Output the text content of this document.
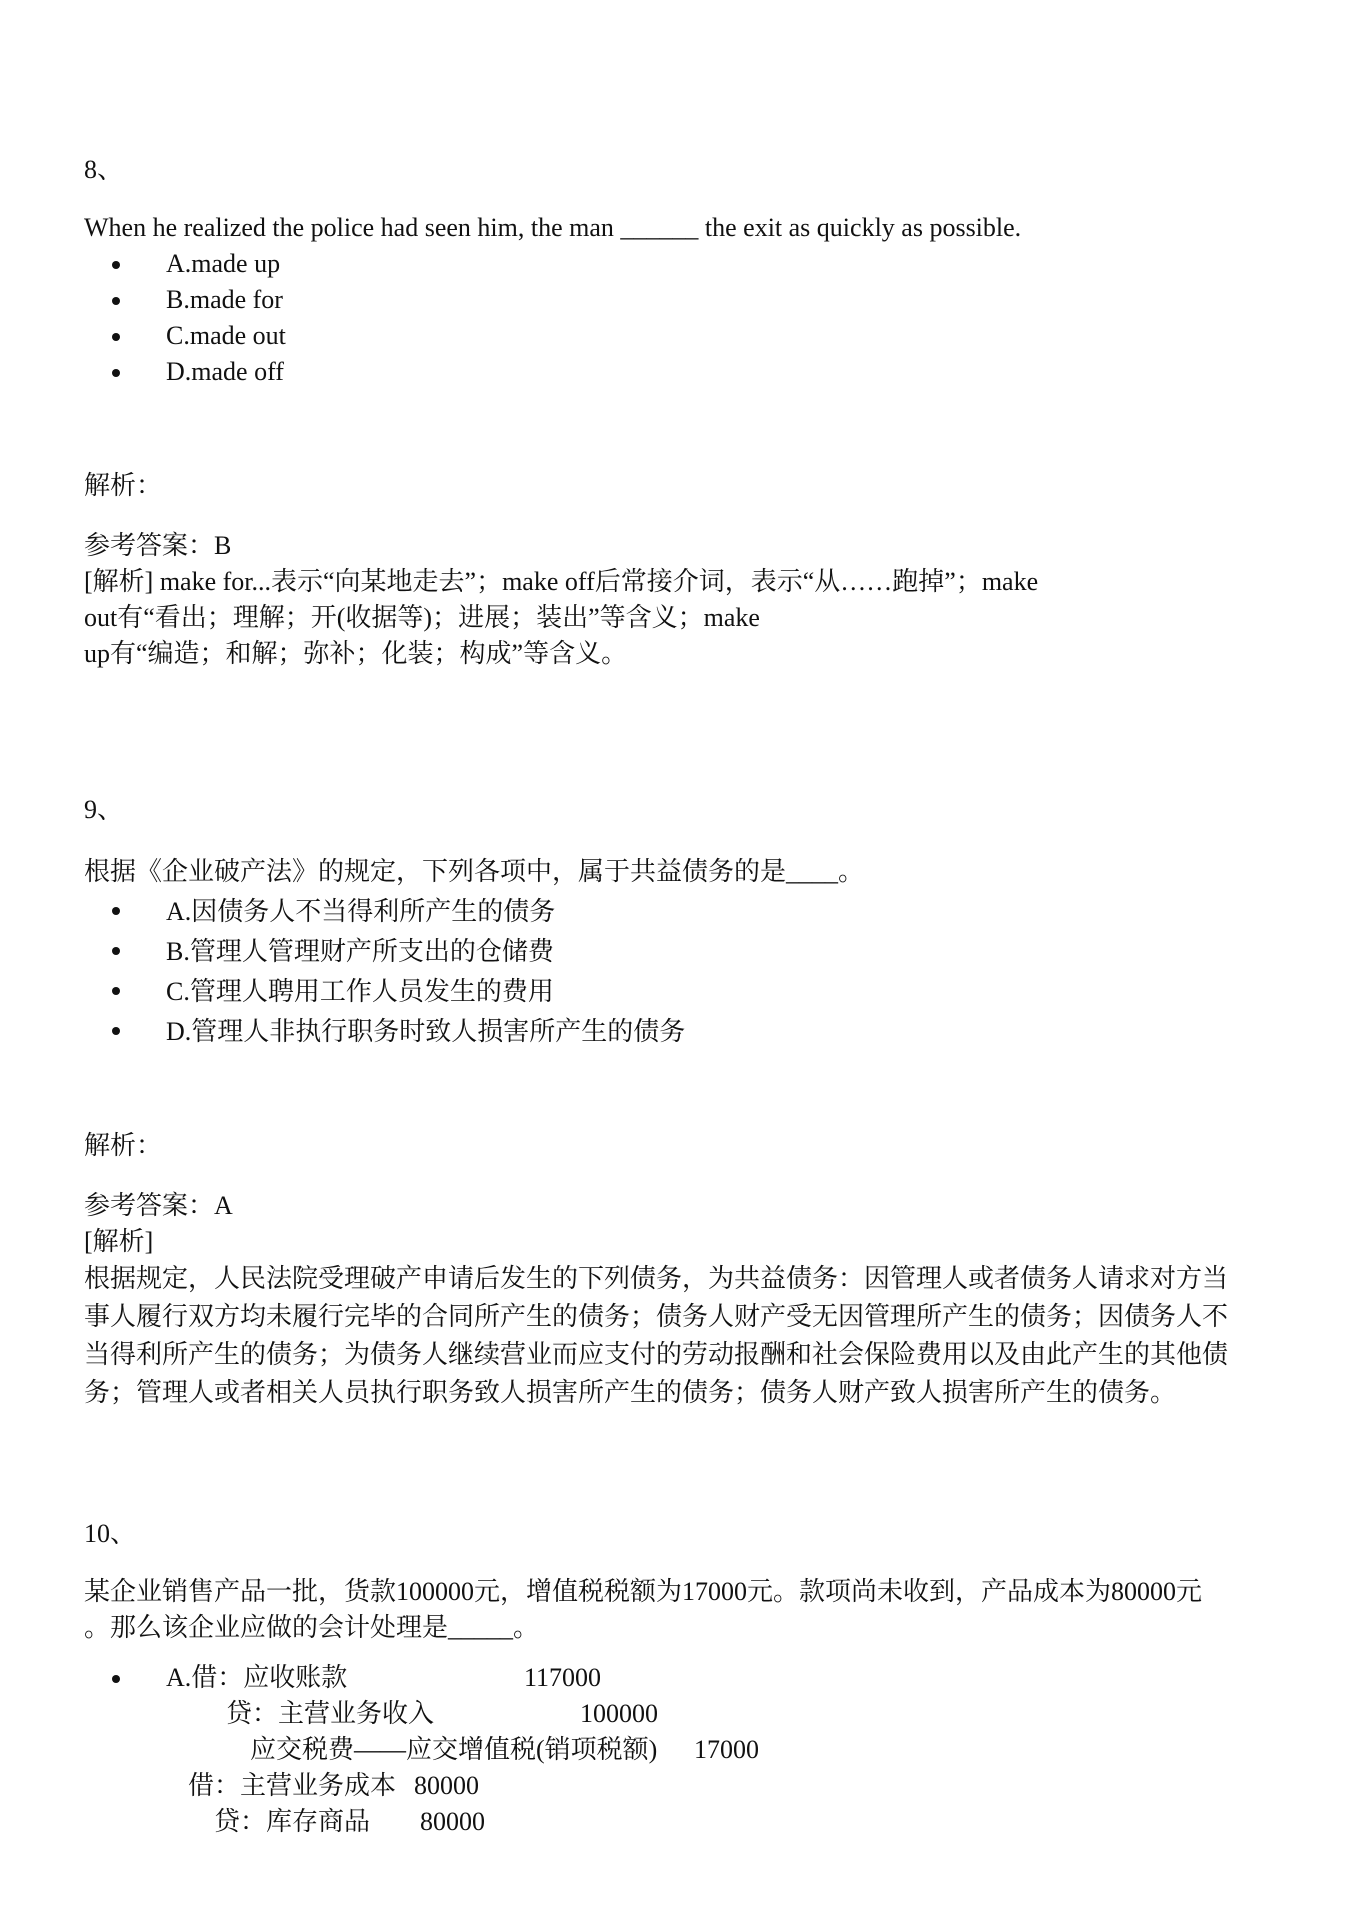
8、

When he realized the police had seen him, the man ______ the exit as quickly as possible.

A.made up
B.made for
C.made out
D.made off

解析：

参考答案：B

[解析] make for...表示“向某地走去”；make off后常接介词，表示“从……跑掉”；make

out有“看出；理解；开(收据等)；进展；装出”等含义；make

up有“编造；和解；弥补；化装；构成”等含义。

9、

根据《企业破产法》的规定，下列各项中，属于共益债务的是____。

A.因债务人不当得利所产生的债务
B.管理人管理财产所支出的仓储费
C.管理人聘用工作人员发生的费用
D.管理人非执行职务时致人损害所产生的债务

解析：

参考答案：A

[解析]

根据规定，人民法院受理破产申请后发生的下列债务，为共益债务：因管理人或者债务人请求对方当

事人履行双方均未履行完毕的合同所产生的债务；债务人财产受无因管理所产生的债务；因债务人不

当得利所产生的债务；为债务人继续营业而应支付的劳动报酬和社会保险费用以及由此产生的其他债

务；管理人或者相关人员执行职务致人损害所产生的债务；债务人财产致人损害所产生的债务。

10、

某企业销售产品一批，货款100000元，增值税税额为17000元。款项尚未收到，产品成本为80000元

。那么该企业应做的会计处理是_____。

A.借：应收账款	117000
贷：主营业务收入	100000
应交税费——应交增值税(销项税额) 17000
借：主营业务成本 80000
贷：库存商品 80000
